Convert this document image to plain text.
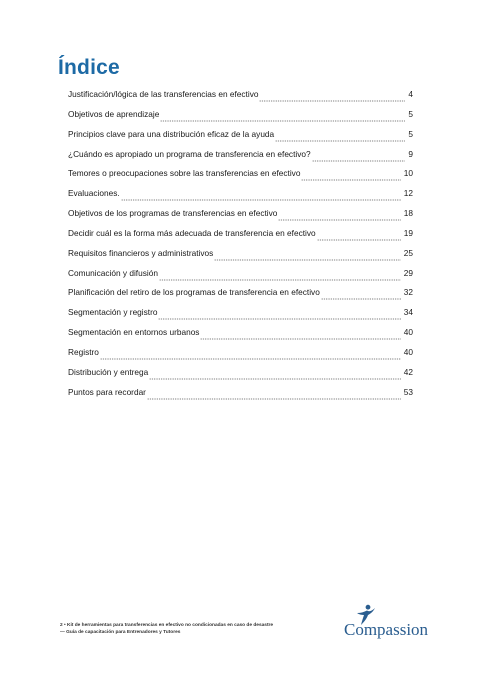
Índice
Justificación/lógica de las transferencias en efectivo	4
Objetivos de aprendizaje	5
Principios clave para una distribución eficaz de la ayuda	5
¿Cuándo es apropiado un programa de transferencia en efectivo?	9
Temores o preocupaciones sobre las transferencias en efectivo	10
Evaluaciones.	12
Objetivos de los programas de transferencias en efectivo	18
Decidir cuál es la forma más adecuada de transferencia en efectivo	19
Requisitos financieros y administrativos	25
Comunicación y difusión	29
Planificación del retiro de los programas de transferencia en efectivo	32
Segmentación y registro	34
Segmentación en entornos urbanos	40
Registro	40
Distribución y entrega	42
Puntos para recordar	53
2 • Kit de herramientas para transferencias en efectivo no condicionadas en caso de desastre
— Guía de capacitación para Entrenadores y Tutores	Compassion
